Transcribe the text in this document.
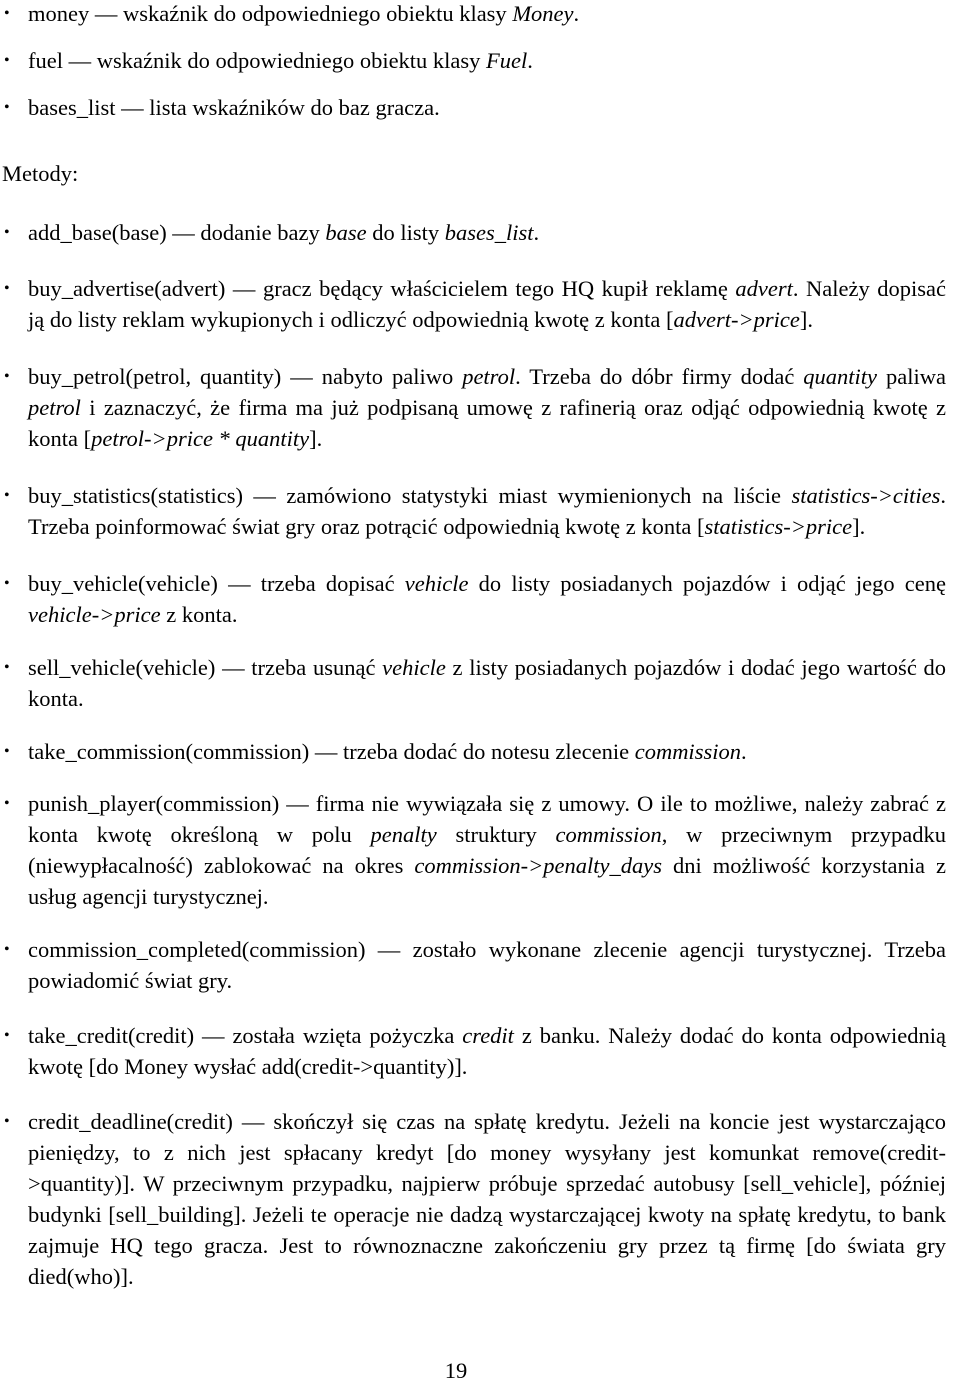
• money — wskaźnik do odpowiedniego obiektu klasy Money.
• fuel — wskaźnik do odpowiedniego obiektu klasy Fuel.
• bases_list — lista wskaźników do baz gracza.
Metody:
• add_base(base) — dodanie bazy base do listy bases_list.
• buy_advertise(advert) — gracz będący właścicielem tego HQ kupił reklamę advert. Należy dopisać ją do listy reklam wykupionych i odliczyć odpowiednią kwotę z konta [advert->price].
• buy_petrol(petrol, quantity) — nabyto paliwo petrol. Trzeba do dóbr firmy dodać quantity paliwa petrol i zaznaczyć, że firma ma już podpisaną umowę z rafinerią oraz odjąć odpowiednią kwotę z konta [petrol->price * quantity].
• buy_statistics(statistics) — zamówiono statystyki miast wymienionych na liście statistics->cities. Trzeba poinformować świat gry oraz potrącić odpowiednią kwotę z konta [statistics->price].
• buy_vehicle(vehicle) — trzeba dopisać vehicle do listy posiadanych pojazdów i odjąć jego cenę vehicle->price z konta.
• sell_vehicle(vehicle) — trzeba usunąć vehicle z listy posiadanych pojazdów i dodać jego wartość do konta.
• take_commission(commission) — trzeba dodać do notesu zlecenie commission.
• punish_player(commission) — firma nie wywiązała się z umowy. O ile to możliwe, należy zabrać z konta kwotę określoną w polu penalty struktury commission, w przeciwnym przypadku (niewypłacalność) zablokować na okres commission->penalty_days dni możliwość korzystania z usług agencji turystycznej.
• commission_completed(commission) — zostało wykonane zlecenie agencji turystycznej. Trzeba powiadomić świat gry.
• take_credit(credit) — została wzięta pożyczka credit z banku. Należy dodać do konta odpowiednią kwotę [do Money wysłać add(credit->quantity)].
• credit_deadline(credit) — skończył się czas na spłatę kredytu. Jeżeli na koncie jest wystarczająco pieniędzy, to z nich jest spłacany kredyt [do money wysyłany jest komunkat remove(credit->quantity)]. W przeciwnym przypadku, najpierw próbuje sprzedać autobusy [sell_vehicle], później budynki [sell_building]. Jeżeli te operacje nie dadzą wystarczającej kwoty na spłatę kredytu, to bank zajmuje HQ tego gracza. Jest to równoznaczne zakończeniu gry przez tą firmę [do świata gry died(who)].
19
